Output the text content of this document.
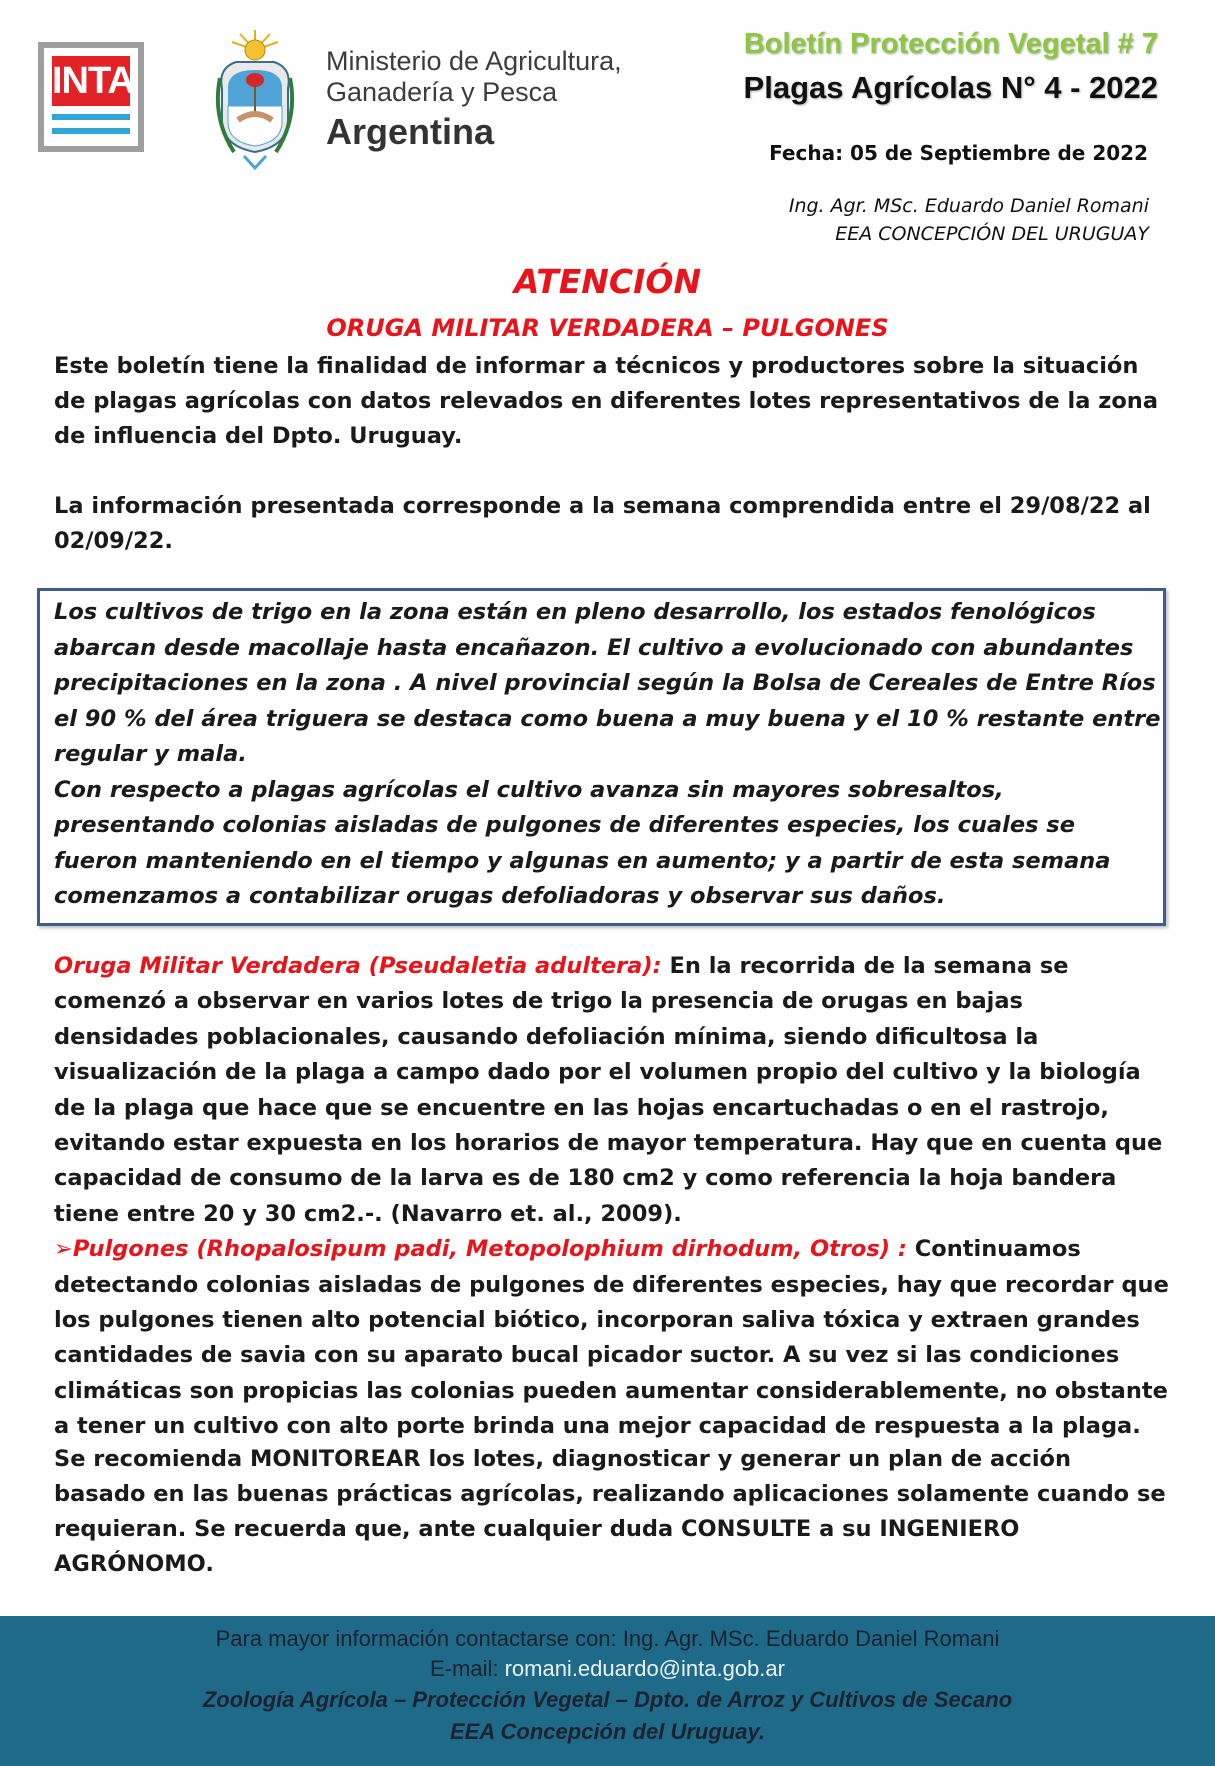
INTA	Ministerio de Agricultura,
Ganadería y Pesca
Argentina
Boletín Protección Vegetal # 7
Plagas Agrícolas N° 4 - 2022
Fecha: 05 de Septiembre de 2022
Ing. Agr. MSc. Eduardo Daniel Romani
EEA CONCEPCIÓN DEL URUGUAY
ATENCIÓN
ORUGA MILITAR VERDADERA – PULGONES
Este boletín tiene la finalidad de informar a técnicos y productores sobre la situación de plagas agrícolas con datos relevados en diferentes lotes representativos de la zona de influencia del Dpto. Uruguay.
La información presentada corresponde a la semana comprendida entre el 29/08/22 al 02/09/22.
Los cultivos de trigo en la zona están en pleno desarrollo, los estados fenológicos abarcan desde macollaje hasta encañazon. El cultivo a evolucionado con abundantes precipitaciones en la zona . A nivel provincial según la Bolsa de Cereales de Entre Ríos el 90 % del área triguera se destaca como buena a muy buena y el 10 % restante entre regular y mala.
Con respecto a plagas agrícolas el cultivo avanza sin mayores sobresaltos, presentando colonias aisladas de pulgones de diferentes especies, los cuales se fueron manteniendo en el tiempo y algunas en aumento; y a partir de esta semana comenzamos a contabilizar orugas defoliadoras y observar sus daños.
Oruga Militar Verdadera (Pseudaletia adultera): En la recorrida de la semana se comenzó a observar en varios lotes de trigo la presencia de orugas en bajas densidades poblacionales, causando defoliación mínima, siendo dificultosa la visualización de la plaga a campo dado por el volumen propio del cultivo y la biología de la plaga que hace que se encuentre en las hojas encartuchadas o en el rastrojo, evitando estar expuesta en los horarios de mayor temperatura. Hay que en cuenta que capacidad de consumo de la larva es de 180 cm2 y como referencia la hoja bandera tiene entre 20 y 30 cm2.-. (Navarro et. al., 2009).
➢Pulgones (Rhopalosipum padi, Metopolophium dirhodum, Otros) : Continuamos detectando colonias aisladas de pulgones de diferentes especies, hay que recordar que los pulgones tienen alto potencial biótico, incorporan saliva tóxica y extraen grandes cantidades de savia con su aparato bucal picador suctor. A su vez si las condiciones climáticas son propicias las colonias pueden aumentar considerablemente, no obstante a tener un cultivo con alto porte brinda una mejor capacidad de respuesta a la plaga.
Se recomienda MONITOREAR los lotes, diagnosticar y generar un plan de acción basado en las buenas prácticas agrícolas, realizando aplicaciones solamente cuando se requieran. Se recuerda que, ante cualquier duda CONSULTE a su INGENIERO AGRÓNOMO.
Para mayor información contactarse con: Ing. Agr. MSc. Eduardo Daniel Romani
E-mail: romani.eduardo@inta.gob.ar
Zoología Agrícola – Protección Vegetal – Dpto. de Arroz y Cultivos de Secano
EEA Concepción del Uruguay.
